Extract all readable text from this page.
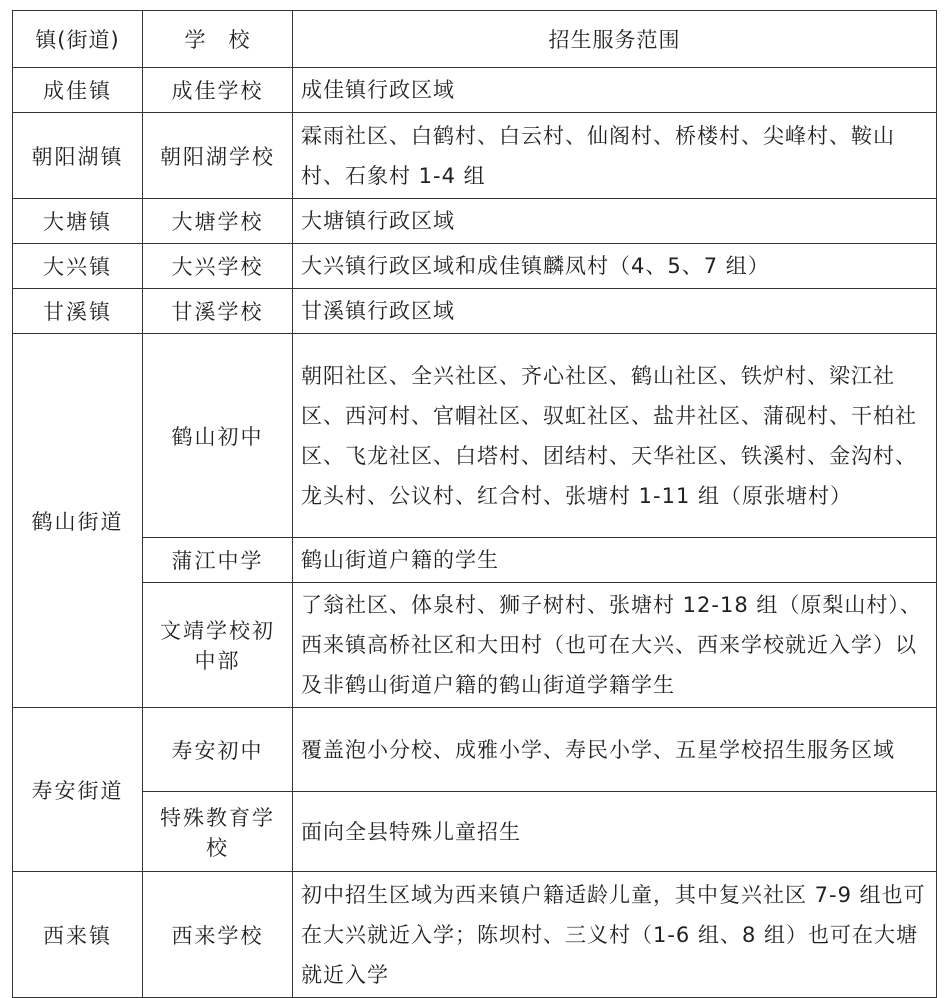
镇(街道)	学　校	招生服务范围
成佳镇	成佳学校	成佳镇行政区域
朝阳湖镇	朝阳湖学校	霖雨社区、白鹤村、白云村、仙阁村、桥楼村、尖峰村、鞍山村、石象村 1-4 组
大塘镇	大塘学校	大塘镇行政区域
大兴镇	大兴学校	大兴镇行政区域和成佳镇麟凤村（4、5、7 组）
甘溪镇	甘溪学校	甘溪镇行政区域
鹤山街道	鹤山初中	朝阳社区、全兴社区、齐心社区、鹤山社区、铁炉村、梁江社区、西河村、官帽社区、驭虹社区、盐井社区、蒲砚村、干柏社区、飞龙社区、白塔村、团结村、天华社区、铁溪村、金沟村、龙头村、公议村、红合村、张塘村 1-11 组（原张塘村）
	蒲江中学	鹤山街道户籍的学生
	文靖学校初中部	了翁社区、体泉村、狮子树村、张塘村 12-18 组（原梨山村）、西来镇高桥社区和大田村（也可在大兴、西来学校就近入学）以及非鹤山街道户籍的鹤山街道学籍学生
寿安街道	寿安初中	覆盖泡小分校、成雅小学、寿民小学、五星学校招生服务区域
	特殊教育学校	面向全县特殊儿童招生
西来镇	西来学校	初中招生区域为西来镇户籍适龄儿童，其中复兴社区 7-9 组也可在大兴就近入学；陈坝村、三义村（1-6 组、8 组）也可在大塘就近入学
